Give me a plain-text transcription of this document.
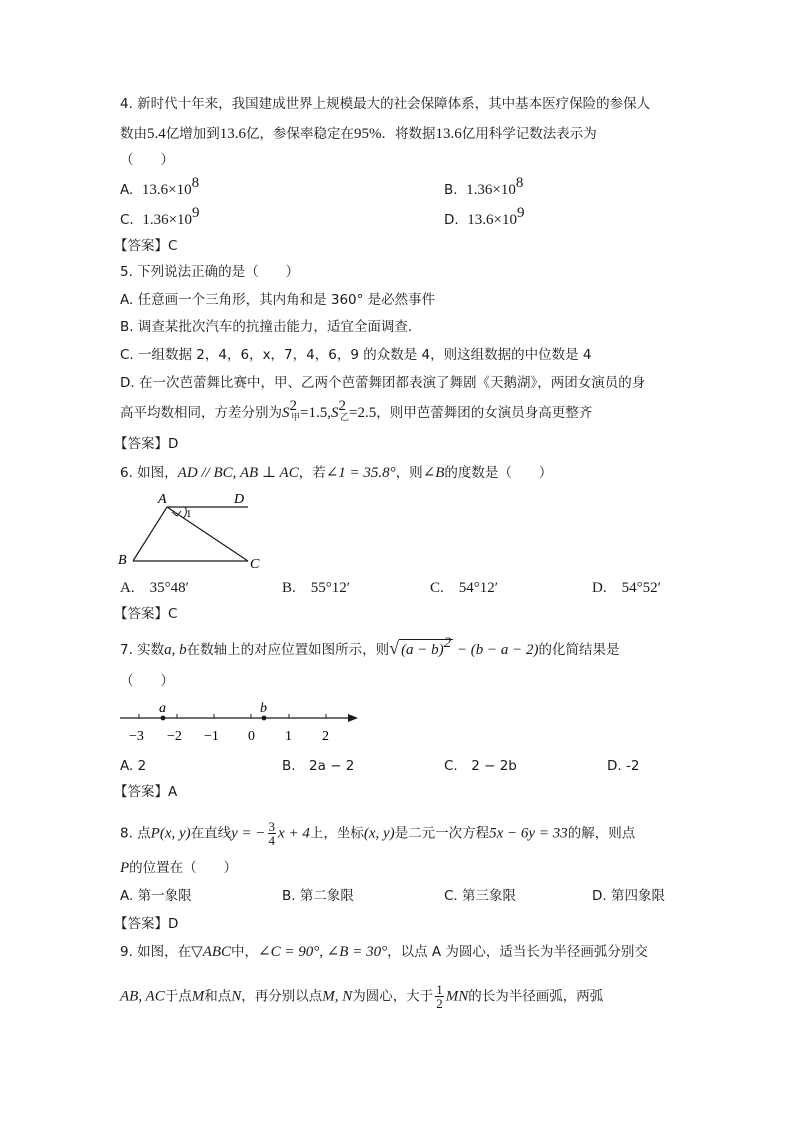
4. 新时代十年来，我国建成世界上规模最大的社会保障体系，其中基本医疗保险的参保人
数由5.4亿增加到13.6亿，参保率稳定在95%．将数据13.6亿用科学记数法表示为
（　　）
A. $13.6\times 10^8$	B. $1.36\times 10^8$
C. $1.36\times 10^9$	D. $13.6\times 10^9$
【答案】C
5. 下列说法正确的是（　　）
A. 任意画一个三角形，其内角和是 360° 是必然事件
B. 调查某批次汽车的抗撞击能力，适宜全面调查．
C. 一组数据 2，4，6，x，7，4，6，9 的众数是 4，则这组数据的中位数是 4
D. 在一次芭蕾舞比赛中，甲、乙两个芭蕾舞团都表演了舞剧《天鹅湖》，两团女演员的身
高平均数相同，方差分别为$S^2_甲=1.5,S^2_乙=2.5$，则甲芭蕾舞团的女演员身高更整齐
【答案】D
6. 如图，AD // BC, AB ⊥ AC，若∠1 = 35.8°，则∠B的度数是（　　）
A	D
B	C
1
A.　35°48′	B.　55°12′	C.　54°12′	D.　54°52′
【答案】C
7. 实数a, b在数轴上的对应位置如图所示，则√ $(a - b)^2 - (b - a - 2)$的化简结果是
（　　）
a	b
−3 −2 −1 0 1 2
A. 2	B.　2a − 2	C.　2 − 2b	D. -2
【答案】A
8. 点P(x, y)在直线y = − $\frac{3}{4}$ x + 4上，坐标(x, y)是二元一次方程5x − 6y = 33的解，则点
P的位置在（　　）
A. 第一象限	B. 第二象限	C. 第三象限	D. 第四象限
【答案】D
9. 如图，在▽ABC中，∠C = 90°, ∠B = 30°，以点 A 为圆心，适当长为半径画弧分别交
AB, AC于点M和点N，再分别以点M, N为圆心，大于 $\frac{1}{2}$ MN的长为半径画弧，两弧
